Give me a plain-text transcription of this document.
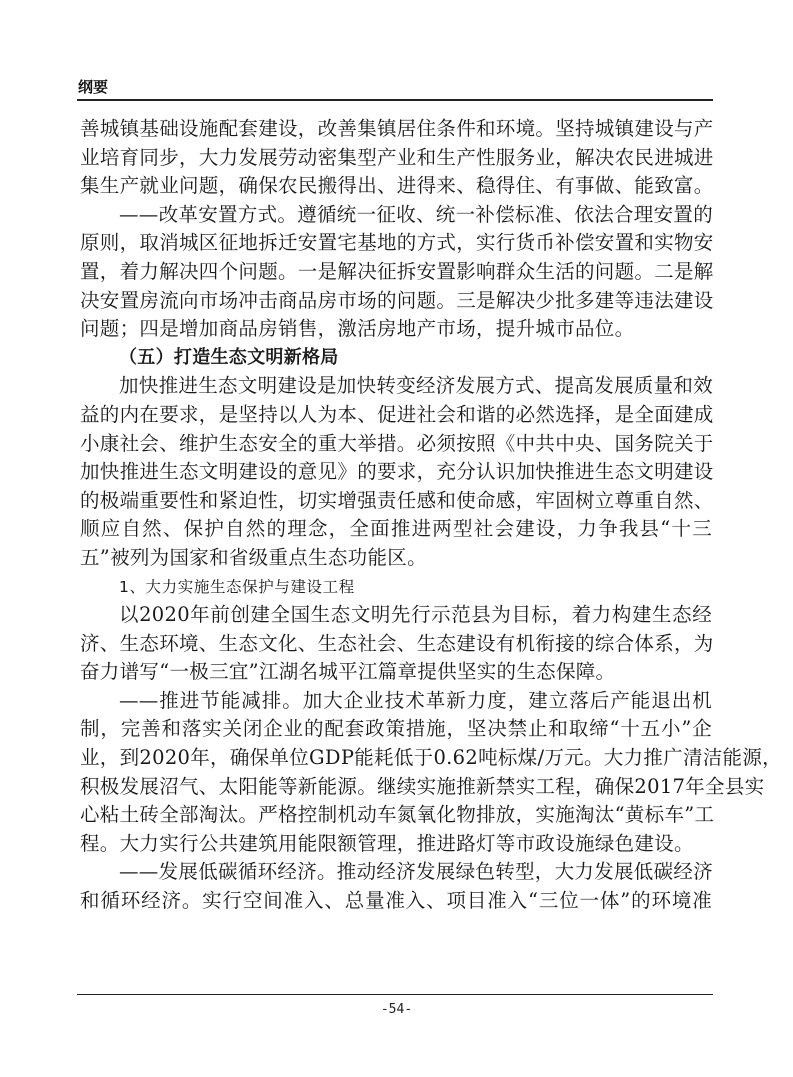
纲要
善城镇基础设施配套建设，改善集镇居住条件和环境。坚持城镇建设与产
业培育同步，大力发展劳动密集型产业和生产性服务业，解决农民进城进
集生产就业问题，确保农民搬得出、进得来、稳得住、有事做、能致富。
——改革安置方式。遵循统一征收、统一补偿标准、依法合理安置的
原则，取消城区征地拆迁安置宅基地的方式，实行货币补偿安置和实物安
置，着力解决四个问题。一是解决征拆安置影响群众生活的问题。二是解
决安置房流向市场冲击商品房市场的问题。三是解决少批多建等违法建设
问题；四是增加商品房销售，激活房地产市场，提升城市品位。
（五）打造生态文明新格局
加快推进生态文明建设是加快转变经济发展方式、提高发展质量和效
益的内在要求，是坚持以人为本、促进社会和谐的必然选择，是全面建成
小康社会、维护生态安全的重大举措。必须按照《中共中央、国务院关于
加快推进生态文明建设的意见》的要求，充分认识加快推进生态文明建设
的极端重要性和紧迫性，切实增强责任感和使命感，牢固树立尊重自然、
顺应自然、保护自然的理念，全面推进两型社会建设，力争我县“十三
五”被列为国家和省级重点生态功能区。
1、大力实施生态保护与建设工程
以2020年前创建全国生态文明先行示范县为目标，着力构建生态经
济、生态环境、生态文化、生态社会、生态建设有机衔接的综合体系，为
奋力谱写“一极三宜”江湖名城平江篇章提供坚实的生态保障。
——推进节能减排。加大企业技术革新力度，建立落后产能退出机
制，完善和落实关闭企业的配套政策措施，坚决禁止和取缔“十五小”企
业，到2020年，确保单位GDP能耗低于0.62吨标煤/万元。大力推广清洁能源，
积极发展沼气、太阳能等新能源。继续实施推新禁实工程，确保2017年全县实
心粘土砖全部淘汰。严格控制机动车氮氧化物排放，实施淘汰“黄标车”工
程。大力实行公共建筑用能限额管理，推进路灯等市政设施绿色建设。
——发展低碳循环经济。推动经济发展绿色转型，大力发展低碳经济
和循环经济。实行空间准入、总量准入、项目准入“三位一体”的环境准
-54-
